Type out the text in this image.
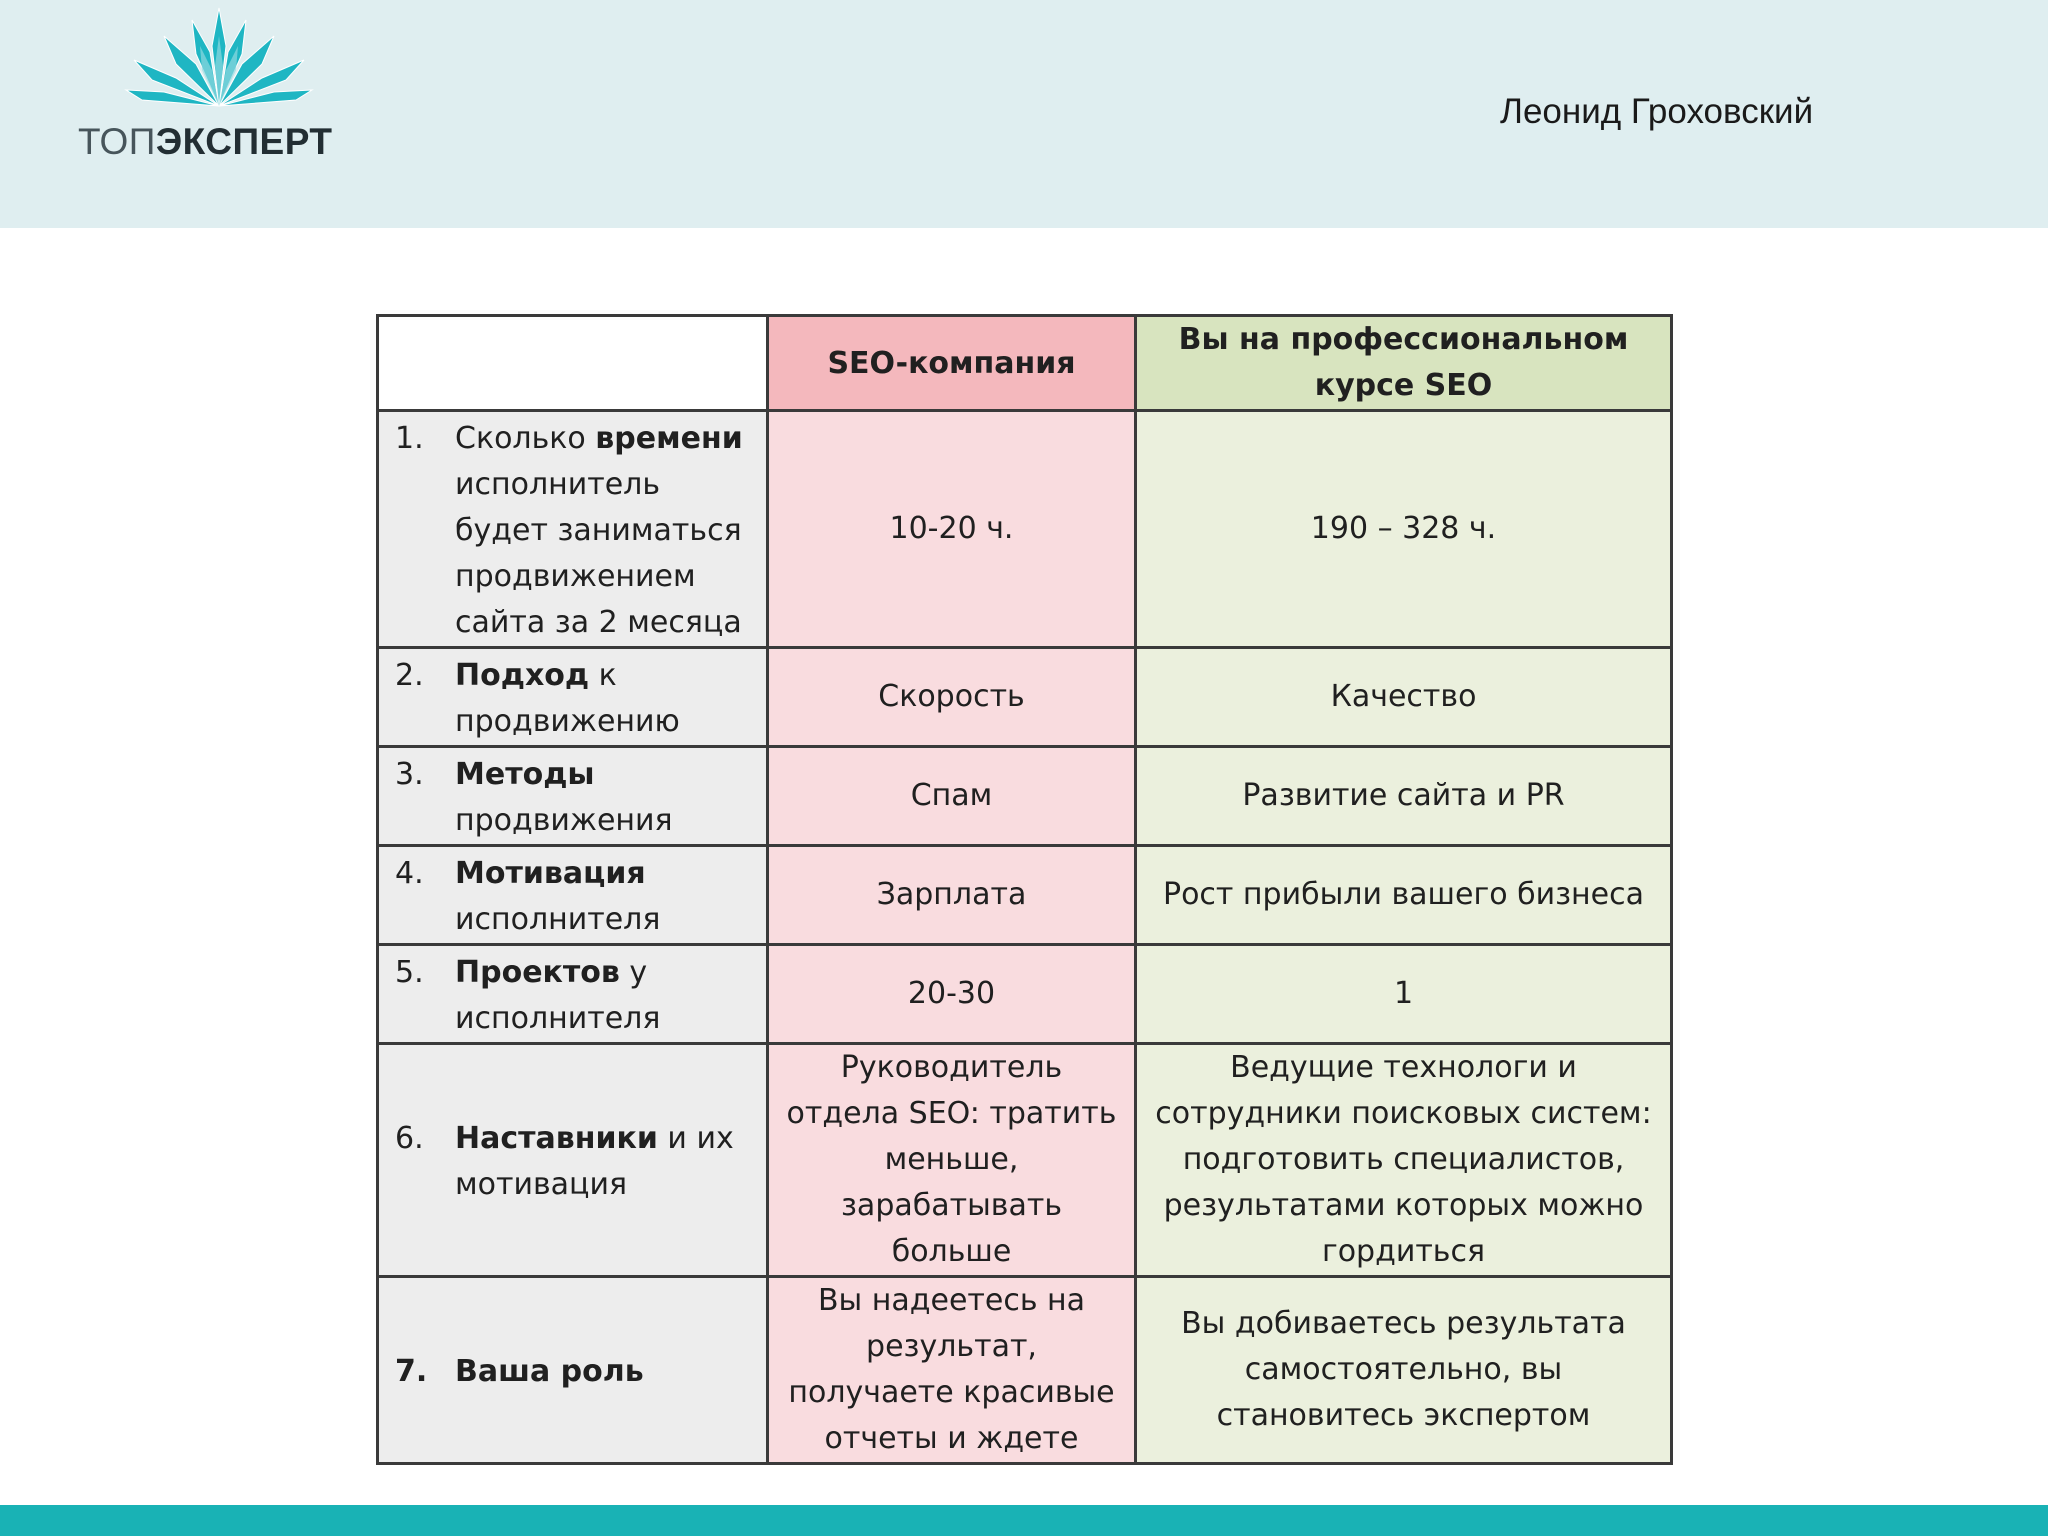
ТОПЭКСПЕРТ
Леонид Гроховский
	SEO-компания	Вы на профессиональном
курсе SEO

1. Сколько времени исполнитель будет заниматься продвижением сайта за 2 месяца	10-20 ч.	190 – 328 ч.

2. Подход к продвижению	Скорость	Качество

3. Методы продвижения	Спам	Развитие сайта и PR

4. Мотивация исполнителя	Зарплата	Рост прибыли вашего бизнеса

5. Проектов у исполнителя	20-30	1

6. Наставники и их мотивация	Руководитель отдела SEO: тратить меньше, зарабатывать больше	Ведущие технологи и сотрудники поисковых систем: подготовить специалистов, результатами которых можно гордиться

7. Ваша роль	Вы надеетесь на результат, получаете красивые отчеты и ждете	Вы добиваетесь результата самостоятельно, вы становитесь экспертом
